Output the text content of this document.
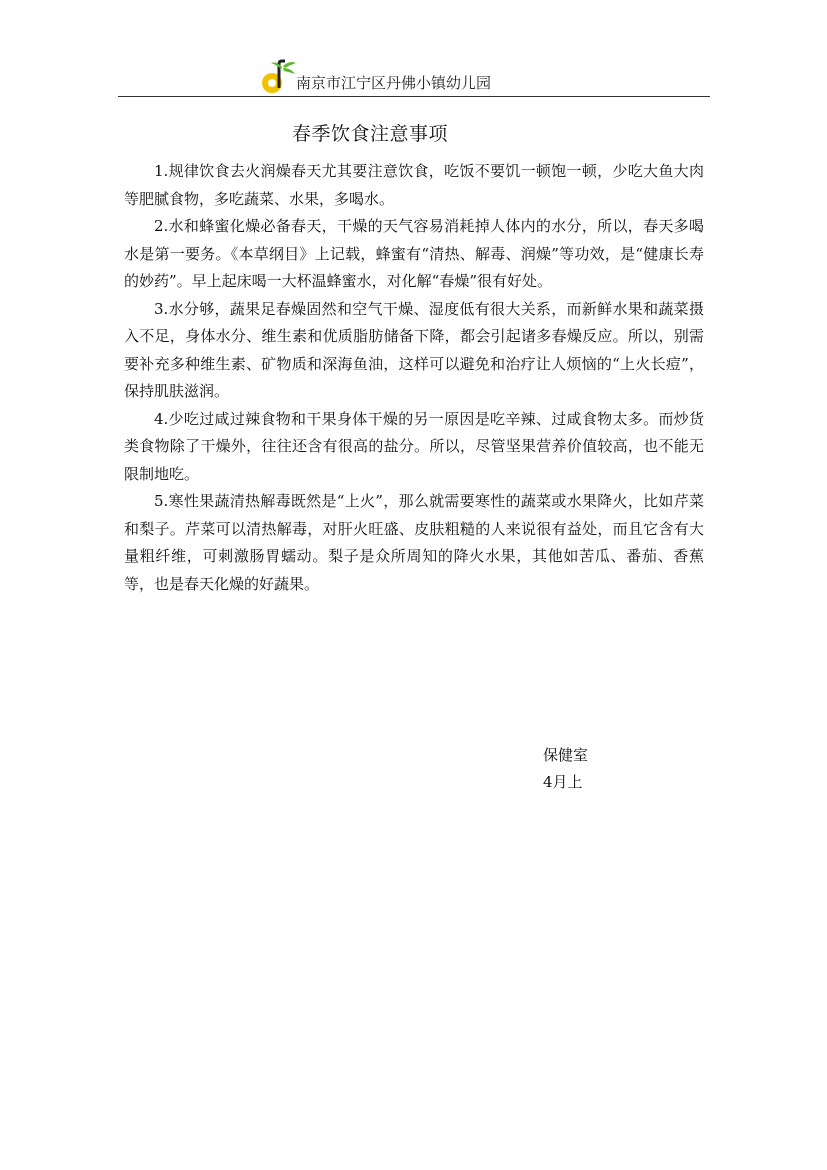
南京市江宁区丹佛小镇幼儿园
春季饮食注意事项

1.规律饮食去火润燥春天尤其要注意饮食，吃饭不要饥一顿饱一顿，少吃大鱼大肉等肥腻食物，多吃蔬菜、水果，多喝水。

2.水和蜂蜜化燥必备春天，干燥的天气容易消耗掉人体内的水分，所以，春天多喝水是第一要务。《本草纲目》上记载，蜂蜜有“清热、解毒、润燥”等功效，是“健康长寿的妙药”。早上起床喝一大杯温蜂蜜水，对化解“春燥”很有好处。

3.水分够，蔬果足春燥固然和空气干燥、湿度低有很大关系，而新鲜水果和蔬菜摄入不足，身体水分、维生素和优质脂肪储备下降，都会引起诸多春燥反应。所以，别需要补充多种维生素、矿物质和深海鱼油，这样可以避免和治疗让人烦恼的“上火长痘”，保持肌肤滋润。

4.少吃过咸过辣食物和干果身体干燥的另一原因是吃辛辣、过咸食物太多。而炒货类食物除了干燥外，往往还含有很高的盐分。所以，尽管坚果营养价值较高，也不能无限制地吃。

5.寒性果蔬清热解毒既然是“上火”，那么就需要寒性的蔬菜或水果降火，比如芹菜和梨子。芹菜可以清热解毒，对肝火旺盛、皮肤粗糙的人来说很有益处，而且它含有大量粗纤维，可刺激肠胃蠕动。梨子是众所周知的降火水果，其他如苦瓜、番茄、香蕉等，也是春天化燥的好蔬果。

保健室
4月上
